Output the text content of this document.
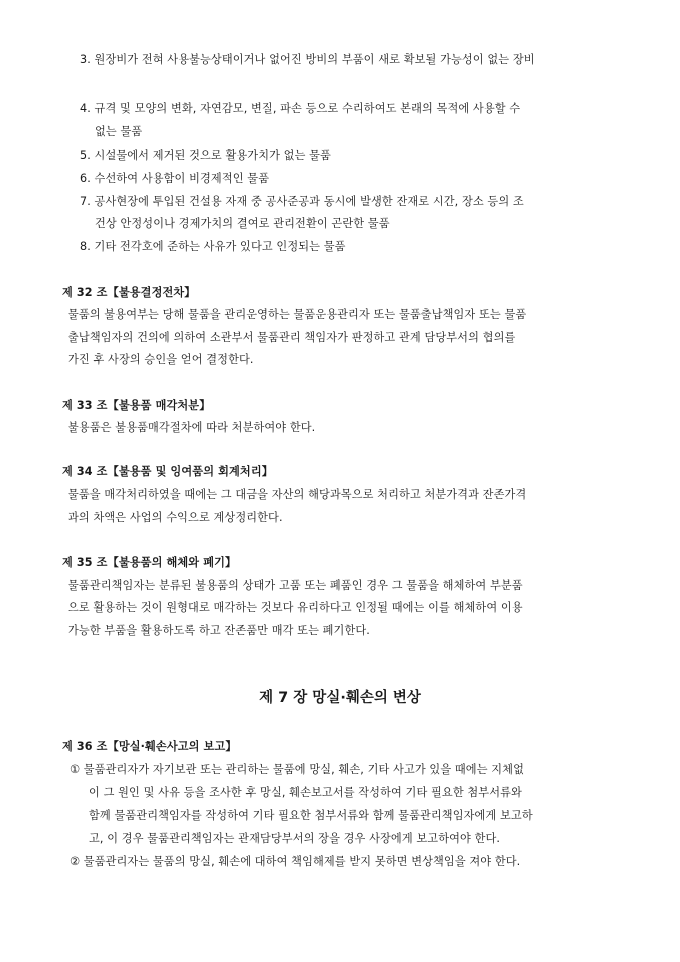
3. 원장비가 전혀 사용불능상태이거나 없어진 방비의 부품이 새로 확보될 가능성이 없는 장비
4. 규격 및 모양의 변화, 자연감모, 변질, 파손 등으로 수리하여도 본래의 목적에 사용할 수
없는 물품
5. 시설물에서 제거된 것으로 활용가치가 없는 물품
6. 수선하여 사용함이 비경제적인 물품
7. 공사현장에 투입된 건설용 자재 중 공사준공과 동시에 발생한 잔재로 시간, 장소 등의 조
건상 안정성이나 경제가치의 결여로 관리전환이 곤란한 물품
8. 기타 전각호에 준하는 사유가 있다고 인정되는 물품
제 32 조【불용결정전차】
물품의 불용여부는 당해 물품을 관리운영하는 물품운용관리자 또는 물품출납책임자 또는 물품
출납책임자의 건의에 의하여 소관부서 물품관리 책임자가 판정하고 관계 담당부서의 협의를
가진 후 사장의 승인을 얻어 결정한다.
제 33 조【불용품 매각처분】
불용품은 불용품매각절차에 따라 처분하여야 한다.
제 34 조【불용품 및 잉여품의 회계처리】
물품을 매각처리하였을 때에는 그 대금을 자산의 해당과목으로 처리하고 처분가격과 잔존가격
과의 차액은 사업의 수익으로 계상정리한다.
제 35 조【불용품의 해체와 폐기】
물품관리책임자는 분류된 불용품의 상태가 고품 또는 폐품인 경우 그 물품을 해체하여 부분품
으로 활용하는 것이 원형대로 매각하는 것보다 유리하다고 인정될 때에는 이를 해체하여 이용
가능한 부품을 활용하도록 하고 잔존품만 매각 또는 폐기한다.
제 7 장 망실·훼손의 변상
제 36 조【망실·훼손사고의 보고】
① 물품관리자가 자기보관 또는 관리하는 물품에 망실, 훼손, 기타 사고가 있을 때에는 지체없
이 그 원인 및 사유 등을 조사한 후 망실, 훼손보고서를 작성하여 기타 필요한 첨부서류와
함께 물품관리책임자를 작성하여 기타 필요한 첨부서류와 함께 물품관리책임자에게 보고하
고, 이 경우 물품관리책임자는 관재담당부서의 장을 경우 사장에게 보고하여야 한다.
② 물품관리자는 물품의 망실, 훼손에 대하여 책임해제를 받지 못하면 변상책임을 져야 한다.
